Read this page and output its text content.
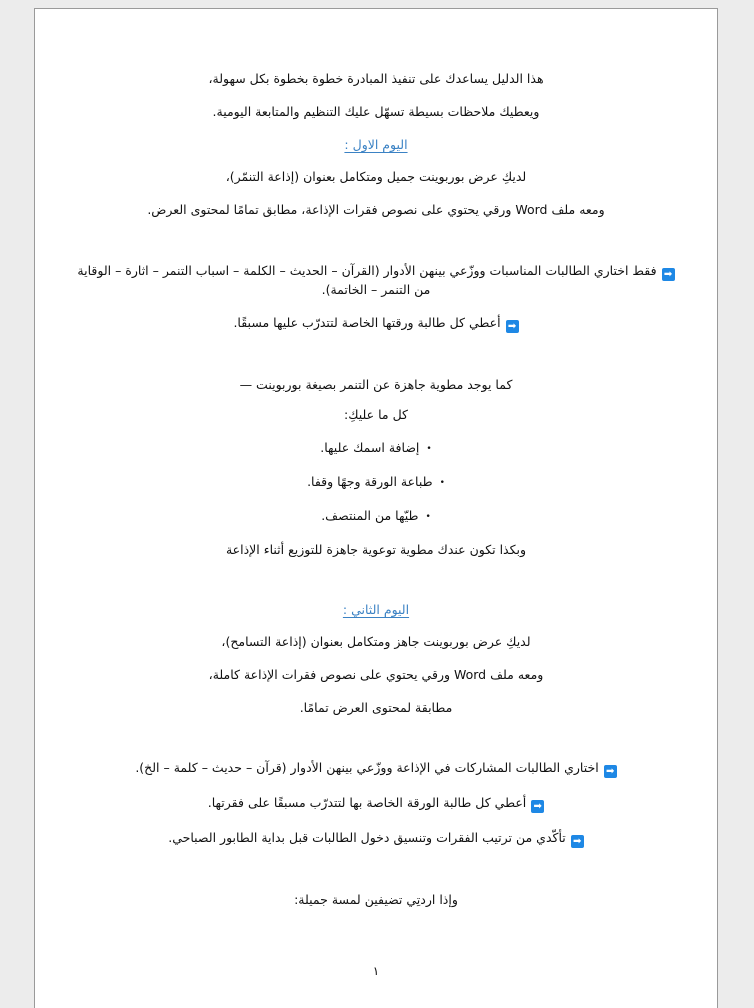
هذا الدليل يساعدك على تنفيذ المبادرة خطوة بخطوة بكل سهولة،

ويعطيك ملاحظات بسيطة تسهّل عليك التنظيم والمتابعة اليومية.

اليوم الاول :

لديكِ عرض بوربوينت جميل ومتكامل بعنوان (إذاعة التنمّر)،

ومعه ملف Word ورقي يحتوي على نصوص فقرات الإذاعة، مطابق تمامًا لمحتوى العرض.

➡فقط اختاري الطالبات المناسبات ووزّعي بينهن الأدوار (القرآن – الحديث – الكلمة – اسباب التنمر – اثارة – الوقاية من التنمر – الخاتمة).

➡أعطي كل طالبة ورقتها الخاصة لتتدرّب عليها مسبقًا.

كما يوجد مطوية جاهزة عن التنمر بصيغة بوربوينت —

كل ما عليكِ:

•إضافة اسمك عليها.

•طباعة الورقة وجهًا وقفا.

•طيّها من المنتصف.

وبكذا تكون عندك مطوية توعوية جاهزة للتوزيع أثناء الإذاعة

اليوم الثاني :

لديكِ عرض بوربوينت جاهز ومتكامل بعنوان (إذاعة التسامح)،

ومعه ملف Word ورقي يحتوي على نصوص فقرات الإذاعة كاملة،

مطابقة لمحتوى العرض تمامًا.

➡اختاري الطالبات المشاركات في الإذاعة ووزّعي بينهن الأدوار (قرآن – حديث – كلمة – الخ).

➡أعطي كل طالبة الورقة الخاصة بها لتتدرّب مسبقًا على فقرتها.

➡تأكّدي من ترتيب الفقرات وتنسيق دخول الطالبات قبل بداية الطابور الصباحي.

وإذا اردتِي تضيفين لمسة جميلة:

١
